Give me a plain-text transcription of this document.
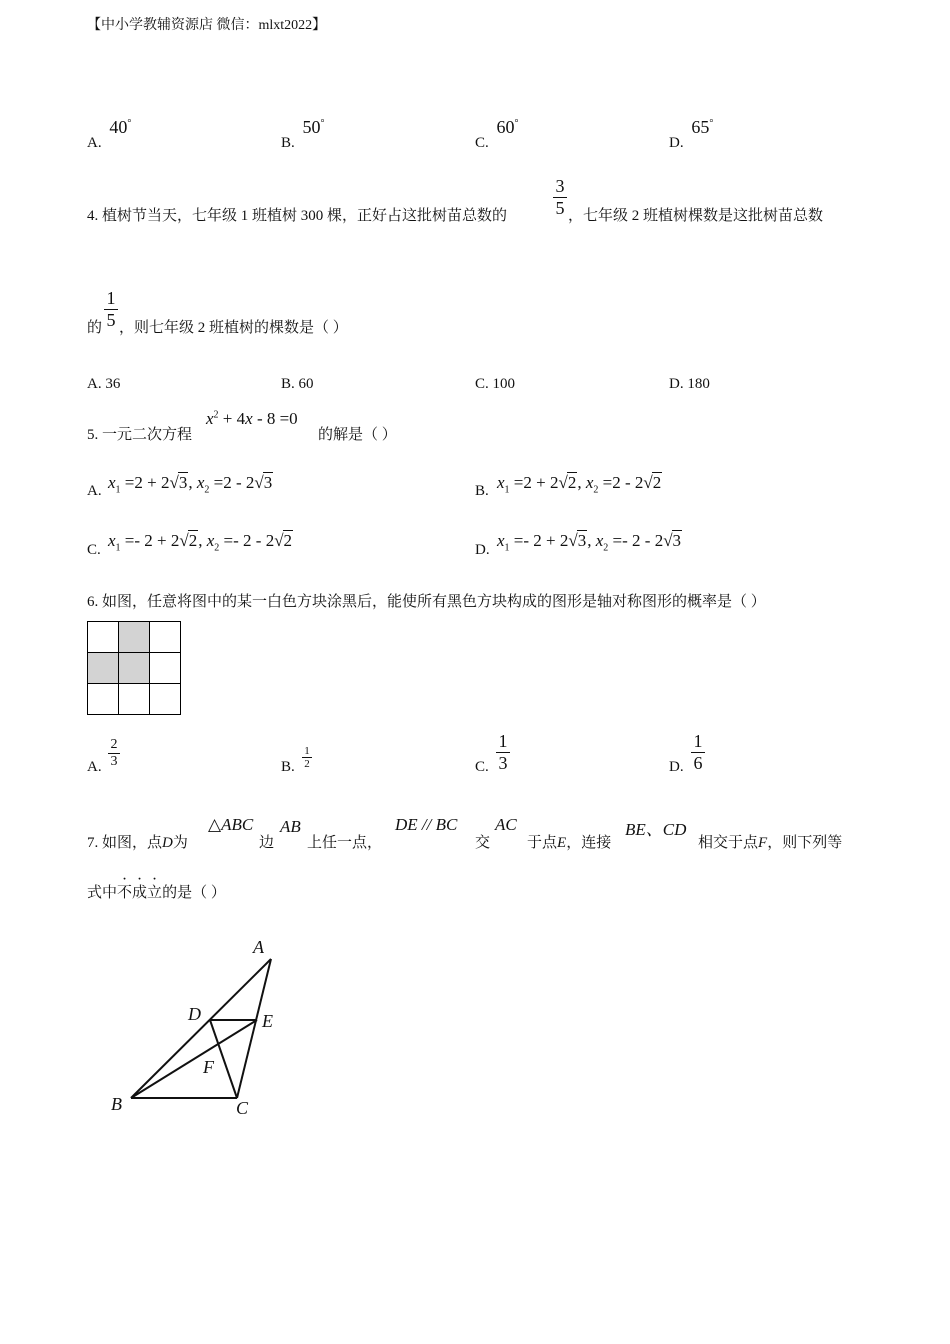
【中小学教辅资源店 微信：mlxt2022】
A. 40°
B. 50°
C. 60°
D. 65°
4. 植树节当天，七年级 1 班植树 300 棵，正好占这批树苗总数的
3
5 ，七年级 2 班植树棵数是这批树苗总数
的
1
5 ，则七年级 2 班植树的棵数是（ ）
A. 36	B. 60	C. 100	D. 180
5. 一元二次方程
$x^2 + 4x - 8 =0$
的解是（ ）
A. $x_1 =2 + 2√3$, $x_2 =2 - 2√3$	B. $x_1 =2 + 2√2$, $x_2 =2 - 2√2$
C. $x_1 =- 2 + 2√2$, $x_2 =- 2 - 2√2$	D. $x_1 =- 2 + 2√3$, $x_2 =- 2 - 2√3$
6. 如图，任意将图中的某一白色方块涂黑后，能使所有黑色方块构成的图形是轴对称图形的概率是（ ）

A.
2
3	B.
1
2	C.
1
3	D.
1
6
7. 如图，点D为
△ABC
边
AB
上任一点，
DE // BC
交
AC
于点E，连接
BE、CD
相交于点F，则下列等
式中不成立的是（ ）
A
D	E
F
B	C
